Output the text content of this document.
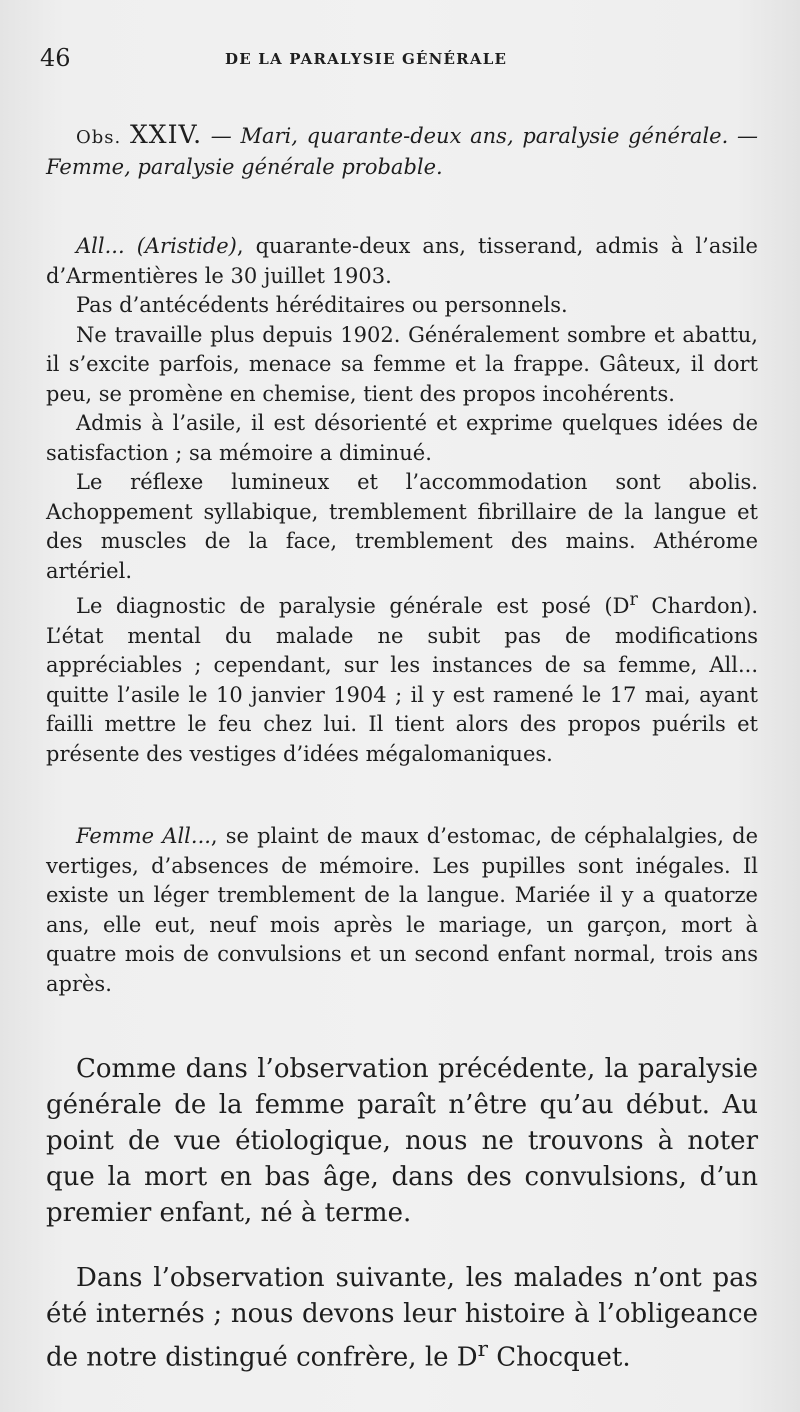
46	DE LA PARALYSIE GÉNÉRALE

Obs. XXIV. — Mari, quarante-deux ans, paralysie générale. — Femme, paralysie générale probable.

All... (Aristide), quarante-deux ans, tisserand, admis à l’asile d’Armentières le 30 juillet 1903.

Pas d’antécédents héréditaires ou personnels.

Ne travaille plus depuis 1902. Généralement sombre et abattu, il s’excite parfois, menace sa femme et la frappe. Gâteux, il dort peu, se promène en chemise, tient des propos incohérents.

Admis à l’asile, il est désorienté et exprime quelques idées de satisfaction ; sa mémoire a diminué.

Le réflexe lumineux et l’accommodation sont abolis. Achoppement syllabique, tremblement fibrillaire de la langue et des muscles de la face, tremblement des mains. Athérome artériel.

Le diagnostic de paralysie générale est posé ($D^r$ Chardon). L’état mental du malade ne subit pas de modifications appréciables ; cependant, sur les instances de sa femme, All... quitte l’asile le 10 janvier 1904 ; il y est ramené le 17 mai, ayant failli mettre le feu chez lui. Il tient alors des propos puérils et présente des vestiges d’idées mégalomaniques.

Femme All..., se plaint de maux d’estomac, de céphalalgies, de vertiges, d’absences de mémoire. Les pupilles sont inégales. Il existe un léger tremblement de la langue. Mariée il y a quatorze ans, elle eut, neuf mois après le mariage, un garçon, mort à quatre mois de convulsions et un second enfant normal, trois ans après.

Comme dans l’observation précédente, la paralysie générale de la femme paraît n’être qu’au début. Au point de vue étiologique, nous ne trouvons à noter que la mort en bas âge, dans des convulsions, d’un premier enfant, né à terme.

Dans l’observation suivante, les malades n’ont pas été internés ; nous devons leur histoire à l’obligeance de notre distingué confrère, le $D^r$ Chocquet.
